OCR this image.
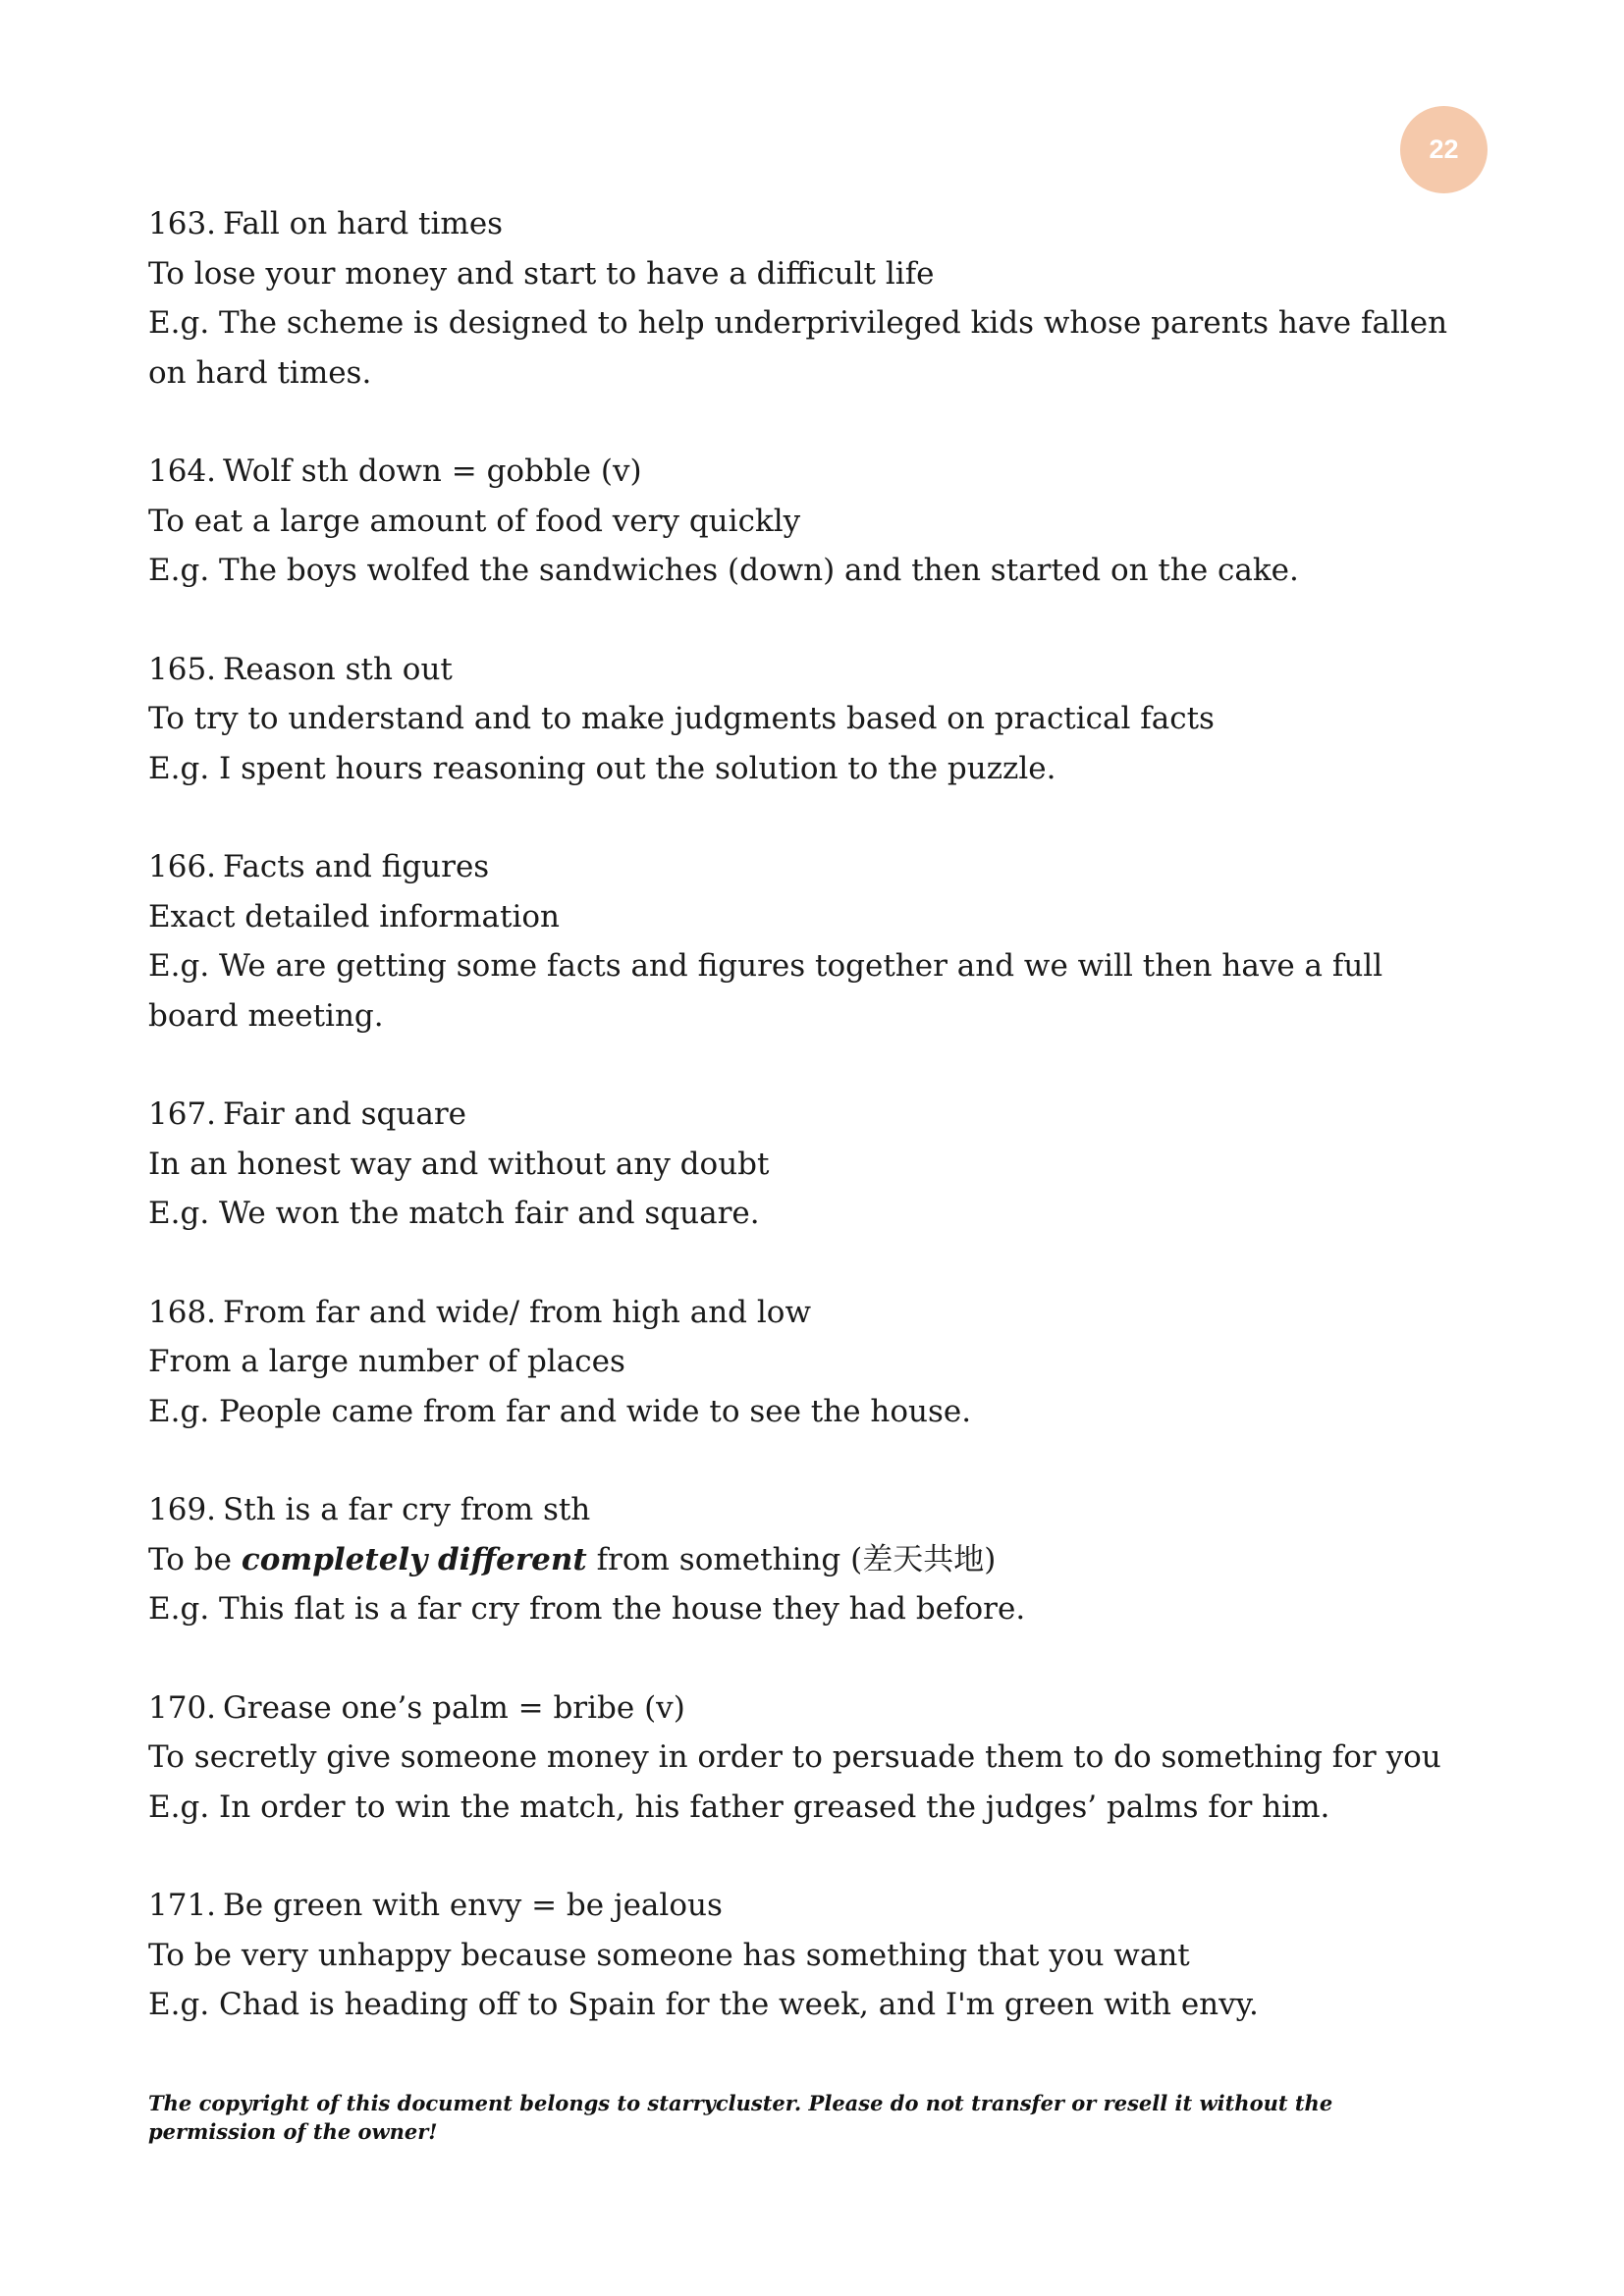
22
163. Fall on hard times
To lose your money and start to have a difficult life
E.g. The scheme is designed to help underprivileged kids whose parents have fallen on hard times.
164. Wolf sth down = gobble (v)
To eat a large amount of food very quickly
E.g. The boys wolfed the sandwiches (down) and then started on the cake.
165. Reason sth out
To try to understand and to make judgments based on practical facts
E.g. I spent hours reasoning out the solution to the puzzle.
166. Facts and figures
Exact detailed information
E.g. We are getting some facts and figures together and we will then have a full board meeting.
167. Fair and square
In an honest way and without any doubt
E.g. We won the match fair and square.
168. From far and wide/ from high and low
From a large number of places
E.g. People came from far and wide to see the house.
169. Sth is a far cry from sth
To be completely different from something (差天共地)
E.g. This flat is a far cry from the house they had before.
170. Grease one’s palm = bribe (v)
To secretly give someone money in order to persuade them to do something for you
E.g. In order to win the match, his father greased the judges’ palms for him.
171. Be green with envy = be jealous
To be very unhappy because someone has something that you want
E.g. Chad is heading off to Spain for the week, and I'm green with envy.
The copyright of this document belongs to starrycluster. Please do not transfer or resell it without the permission of the owner!
